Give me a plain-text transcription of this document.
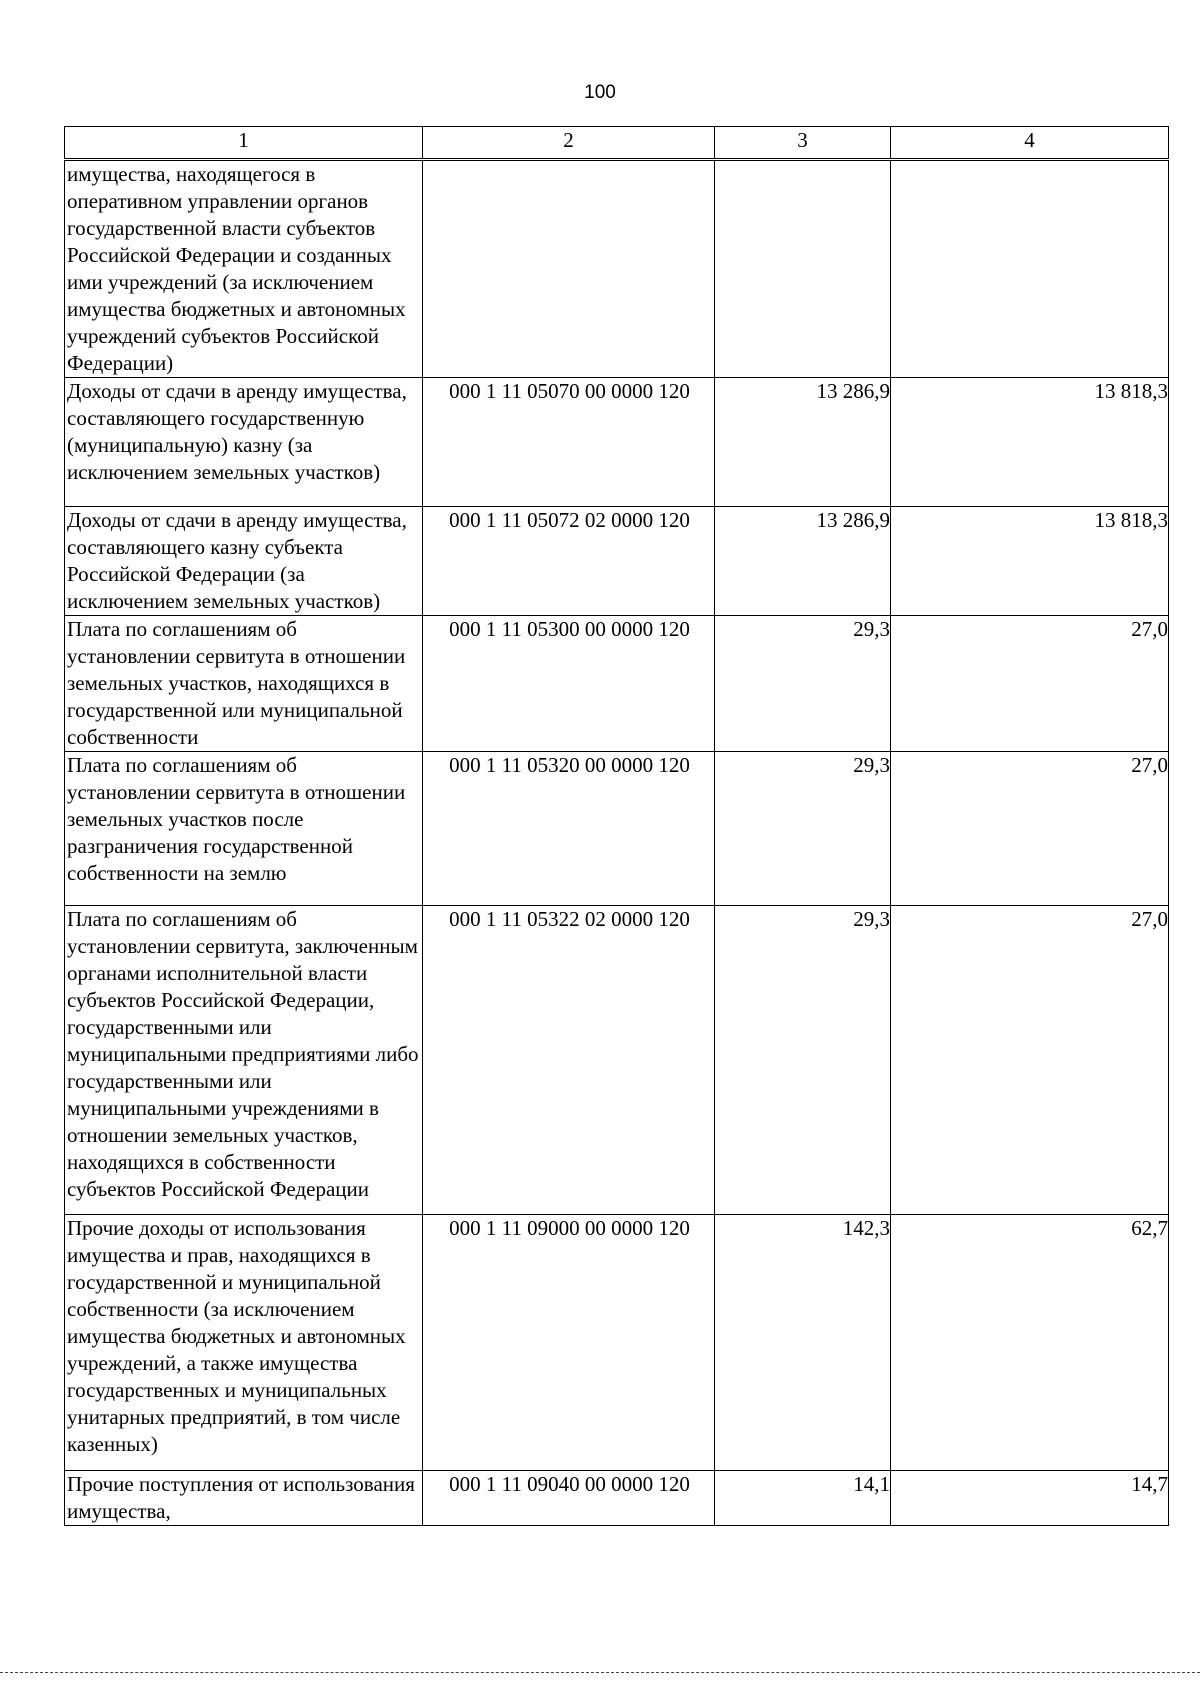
100
1	2	3	4
имущества, находящегося в оперативном управлении органов государственной власти субъектов Российской Федерации и созданных ими учреждений (за исключением имущества бюджетных и автономных учреждений субъектов Российской Федерации)			
Доходы от сдачи в аренду имущества, составляющего государственную (муниципальную) казну (за исключением земельных участков)	000 1 11 05070 00 0000 120	13 286,9	13 818,3
Доходы от сдачи в аренду имущества, составляющего казну субъекта Российской Федерации (за исключением земельных участков)	000 1 11 05072 02 0000 120	13 286,9	13 818,3
Плата по соглашениям об установлении сервитута в отношении земельных участков, находящихся в государственной или муниципальной собственности	000 1 11 05300 00 0000 120	29,3	27,0
Плата по соглашениям об установлении сервитута в отношении земельных участков после разграничения государственной собственности на землю	000 1 11 05320 00 0000 120	29,3	27,0
Плата по соглашениям об установлении сервитута, заключенным органами исполнительной власти субъектов Российской Федерации, государственными или муниципальными предприятиями либо государственными или муниципальными учреждениями в отношении земельных участков, находящихся в собственности субъектов Российской Федерации	000 1 11 05322 02 0000 120	29,3	27,0
Прочие доходы от использования имущества и прав, находящихся в государственной и муниципальной собственности (за исключением имущества бюджетных и автономных учреждений, а также имущества государственных и муниципальных унитарных предприятий, в том числе казенных)	000 1 11 09000 00 0000 120	142,3	62,7
Прочие поступления от использования имущества,	000 1 11 09040 00 0000 120	14,1	14,7
